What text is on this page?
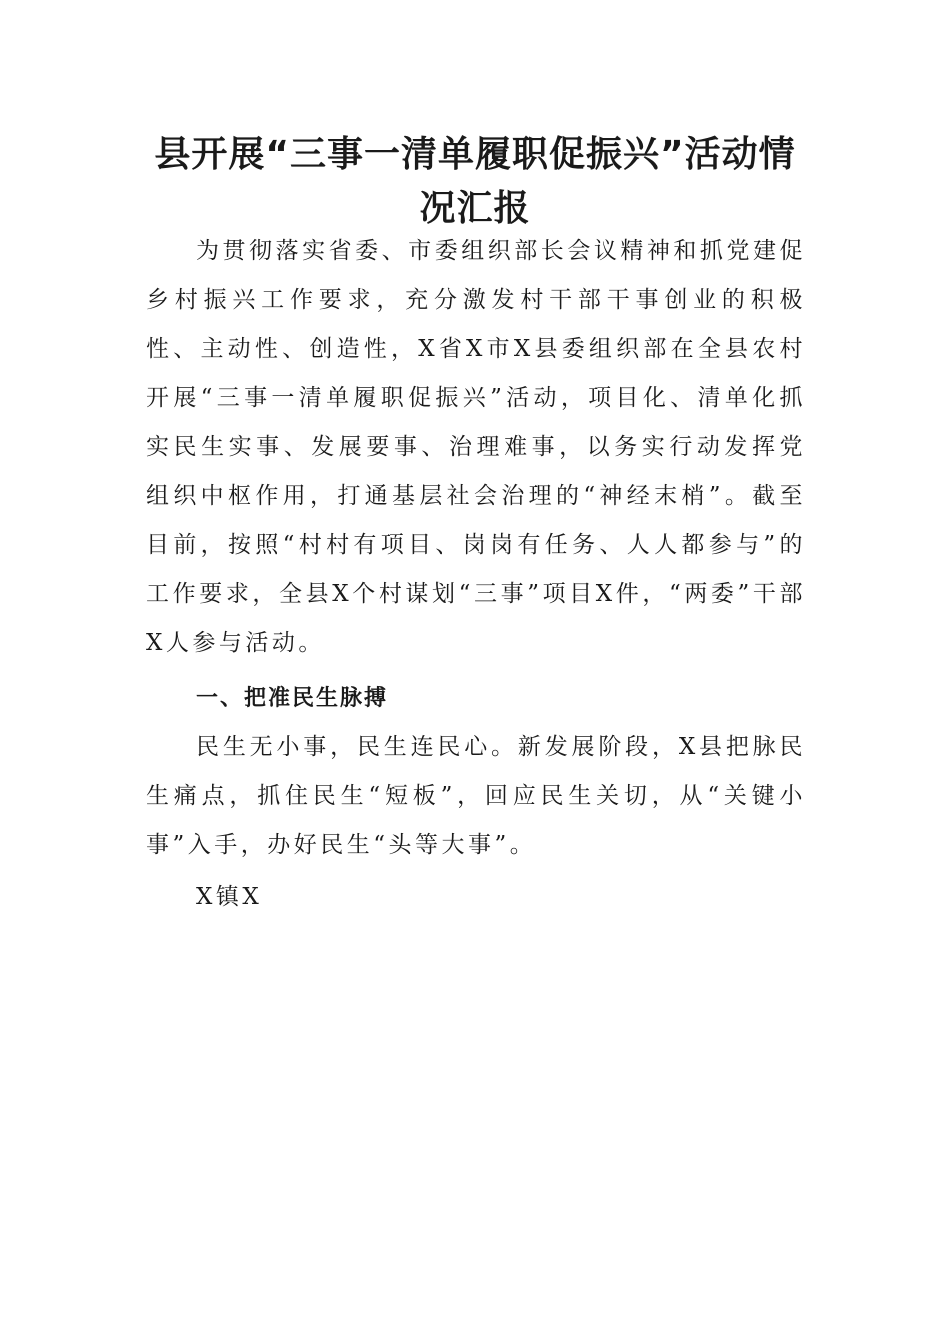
县开展“三事一清单履职促振兴”活动情况汇报

为贯彻落实省委、市委组织部长会议精神和抓党建促乡村振兴工作要求，充分激发村干部干事创业的积极性、主动性、创造性，X省X市X县委组织部在全县农村开展“三事一清单履职促振兴”活动，项目化、清单化抓实民生实事、发展要事、治理难事，以务实行动发挥党组织中枢作用，打通基层社会治理的“神经末梢”。截至目前，按照“村村有项目、岗岗有任务、人人都参与”的工作要求，全县X个村谋划“三事”项目X件，“两委”干部X人参与活动。

一、把准民生脉搏

民生无小事，民生连民心。新发展阶段，X县把脉民生痛点，抓住民生“短板”，回应民生关切，从“关键小事”入手，办好民生“头等大事”。

X镇X
